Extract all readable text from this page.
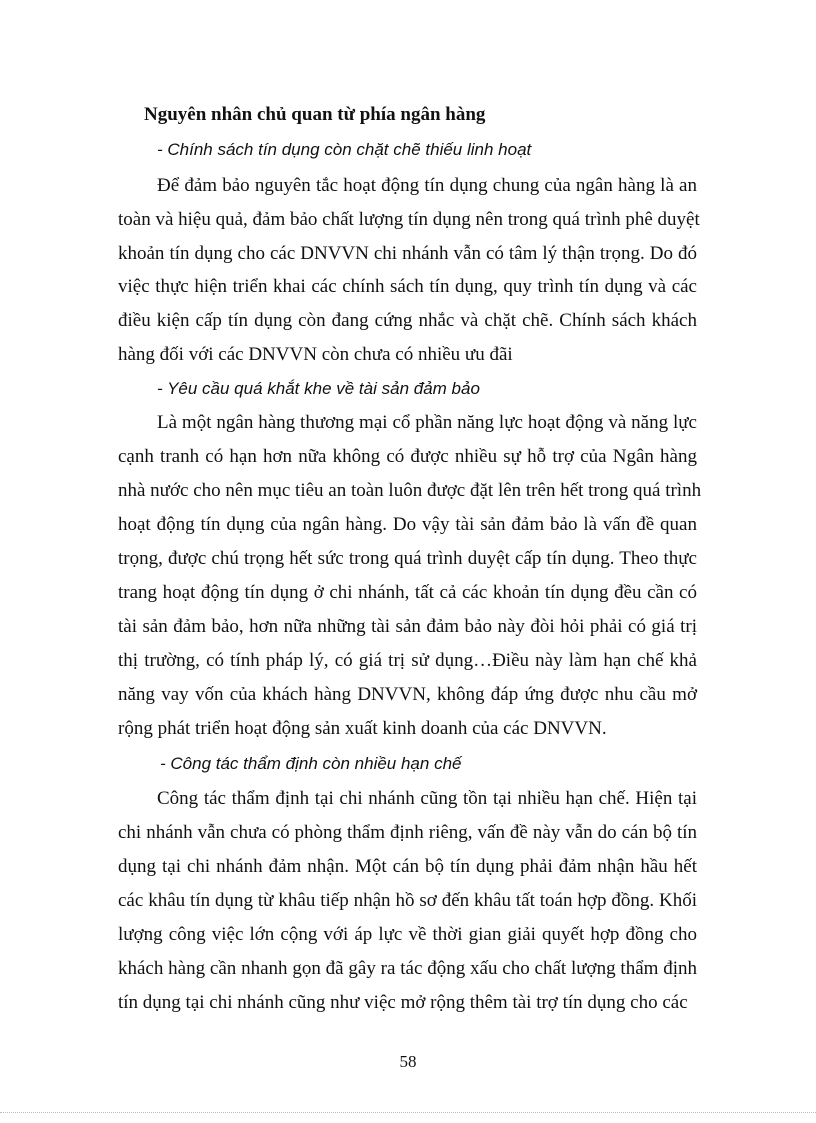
Nguyên nhân chủ quan từ phía ngân hàng
- Chính sách tín dụng còn chặt chẽ thiếu linh hoạt
Để đảm bảo nguyên tắc hoạt động tín dụng chung của ngân hàng là an
toàn và hiệu quả, đảm bảo chất lượng tín dụng nên trong quá trình phê duyệt
khoản tín dụng cho các DNVVN chi nhánh vẫn có tâm lý thận trọng. Do đó
việc thực hiện triển khai các chính sách tín dụng, quy trình tín dụng và các
điều kiện cấp tín dụng còn đang cứng nhắc và chặt chẽ. Chính sách khách
hàng đối với các DNVVN còn chưa có nhiều ưu đãi
- Yêu cầu quá khắt khe về tài sản đảm bảo
Là một ngân hàng thương mại cổ phần năng lực hoạt động và năng lực
cạnh tranh có hạn hơn nữa không có được nhiều sự hỗ trợ của Ngân hàng
nhà nước cho nên mục tiêu an toàn luôn được đặt lên trên hết trong quá trình
hoạt động tín dụng của ngân hàng. Do vậy tài sản đảm bảo là vấn đề quan
trọng, được chú trọng hết sức trong quá trình duyệt cấp tín dụng. Theo thực
trang hoạt động tín dụng ở chi nhánh, tất cả các khoản tín dụng đều cần có
tài sản đảm bảo, hơn nữa những tài sản đảm bảo này đòi hỏi phải có giá trị
thị trường, có tính pháp lý, có giá trị sử dụng…Điều này làm hạn chế khả
năng vay vốn của khách hàng DNVVN, không đáp ứng được nhu cầu mở
rộng phát triển hoạt động sản xuất kinh doanh của các DNVVN.
- Công tác thẩm định còn nhiều hạn chế
Công tác thẩm định tại chi nhánh cũng tồn tại nhiều hạn chế. Hiện tại
chi nhánh vẫn chưa có phòng thẩm định riêng, vấn đề này vẫn do cán bộ tín
dụng tại chi nhánh đảm nhận. Một cán bộ tín dụng phải đảm nhận hầu hết
các khâu tín dụng từ khâu tiếp nhận hồ sơ đến khâu tất toán hợp đồng. Khối
lượng công việc lớn cộng với áp lực về thời gian giải quyết hợp đồng cho
khách hàng cần nhanh gọn đã gây ra tác động xấu cho chất lượng thẩm định
tín dụng tại chi nhánh cũng như việc mở rộng thêm tài trợ tín dụng cho các
58
